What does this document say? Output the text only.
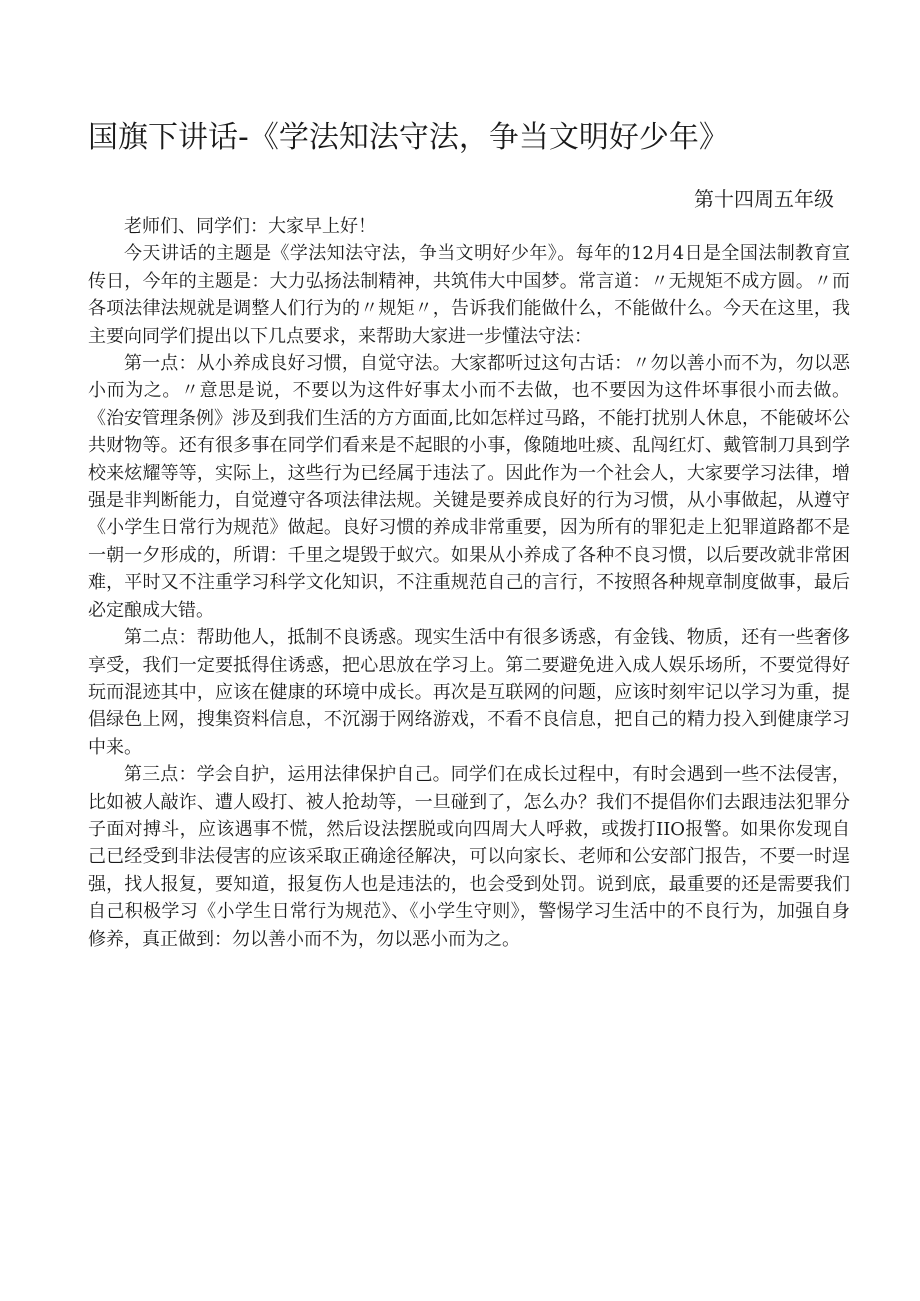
国旗下讲话-《学法知法守法，争当文明好少年》
第十四周五年级

老师们、同学们：大家早上好！

今天讲话的主题是《学法知法守法，争当文明好少年》。每年的12月4日是全国法制教育宣传日，今年的主题是：大力弘扬法制精神，共筑伟大中国梦。常言道：〃无规矩不成方圆。〃而各项法律法规就是调整人们行为的〃规矩〃，告诉我们能做什么，不能做什么。今天在这里，我主要向同学们提出以下几点要求，来帮助大家进一步懂法守法：

第一点：从小养成良好习惯，自觉守法。大家都听过这句古话：〃勿以善小而不为，勿以恶小而为之。〃意思是说，不要以为这件好事太小而不去做，也不要因为这件坏事很小而去做。《治安管理条例》涉及到我们生活的方方面面,比如怎样过马路，不能打扰别人休息，不能破坏公共财物等。还有很多事在同学们看来是不起眼的小事，像随地吐痰、乱闯红灯、戴管制刀具到学校来炫耀等等，实际上，这些行为已经属于违法了。因此作为一个社会人，大家要学习法律，增强是非判断能力，自觉遵守各项法律法规。关键是要养成良好的行为习惯，从小事做起，从遵守《小学生日常行为规范》做起。良好习惯的养成非常重要，因为所有的罪犯走上犯罪道路都不是一朝一夕形成的，所谓：千里之堤毁于蚁穴。如果从小养成了各种不良习惯，以后要改就非常困难，平时又不注重学习科学文化知识，不注重规范自己的言行，不按照各种规章制度做事，最后必定酿成大错。

第二点：帮助他人，抵制不良诱惑。现实生活中有很多诱惑，有金钱、物质，还有一些奢侈享受，我们一定要抵得住诱惑，把心思放在学习上。第二要避免进入成人娱乐场所，不要觉得好玩而混迹其中，应该在健康的环境中成长。再次是互联网的问题，应该时刻牢记以学习为重，提倡绿色上网，搜集资料信息，不沉溺于网络游戏，不看不良信息，把自己的精力投入到健康学习中来。

第三点：学会自护，运用法律保护自己。同学们在成长过程中，有时会遇到一些不法侵害，比如被人敲诈、遭人殴打、被人抢劫等，一旦碰到了，怎么办？我们不提倡你们去跟违法犯罪分子面对搏斗，应该遇事不慌，然后设法摆脱或向四周大人呼救，或拨打IIO报警。如果你发现自己已经受到非法侵害的应该采取正确途径解决，可以向家长、老师和公安部门报告，不要一时逞强，找人报复，要知道，报复伤人也是违法的，也会受到处罚。说到底，最重要的还是需要我们自己积极学习《小学生日常行为规范》、《小学生守则》，警惕学习生活中的不良行为，加强自身修养，真正做到：勿以善小而不为，勿以恶小而为之。
